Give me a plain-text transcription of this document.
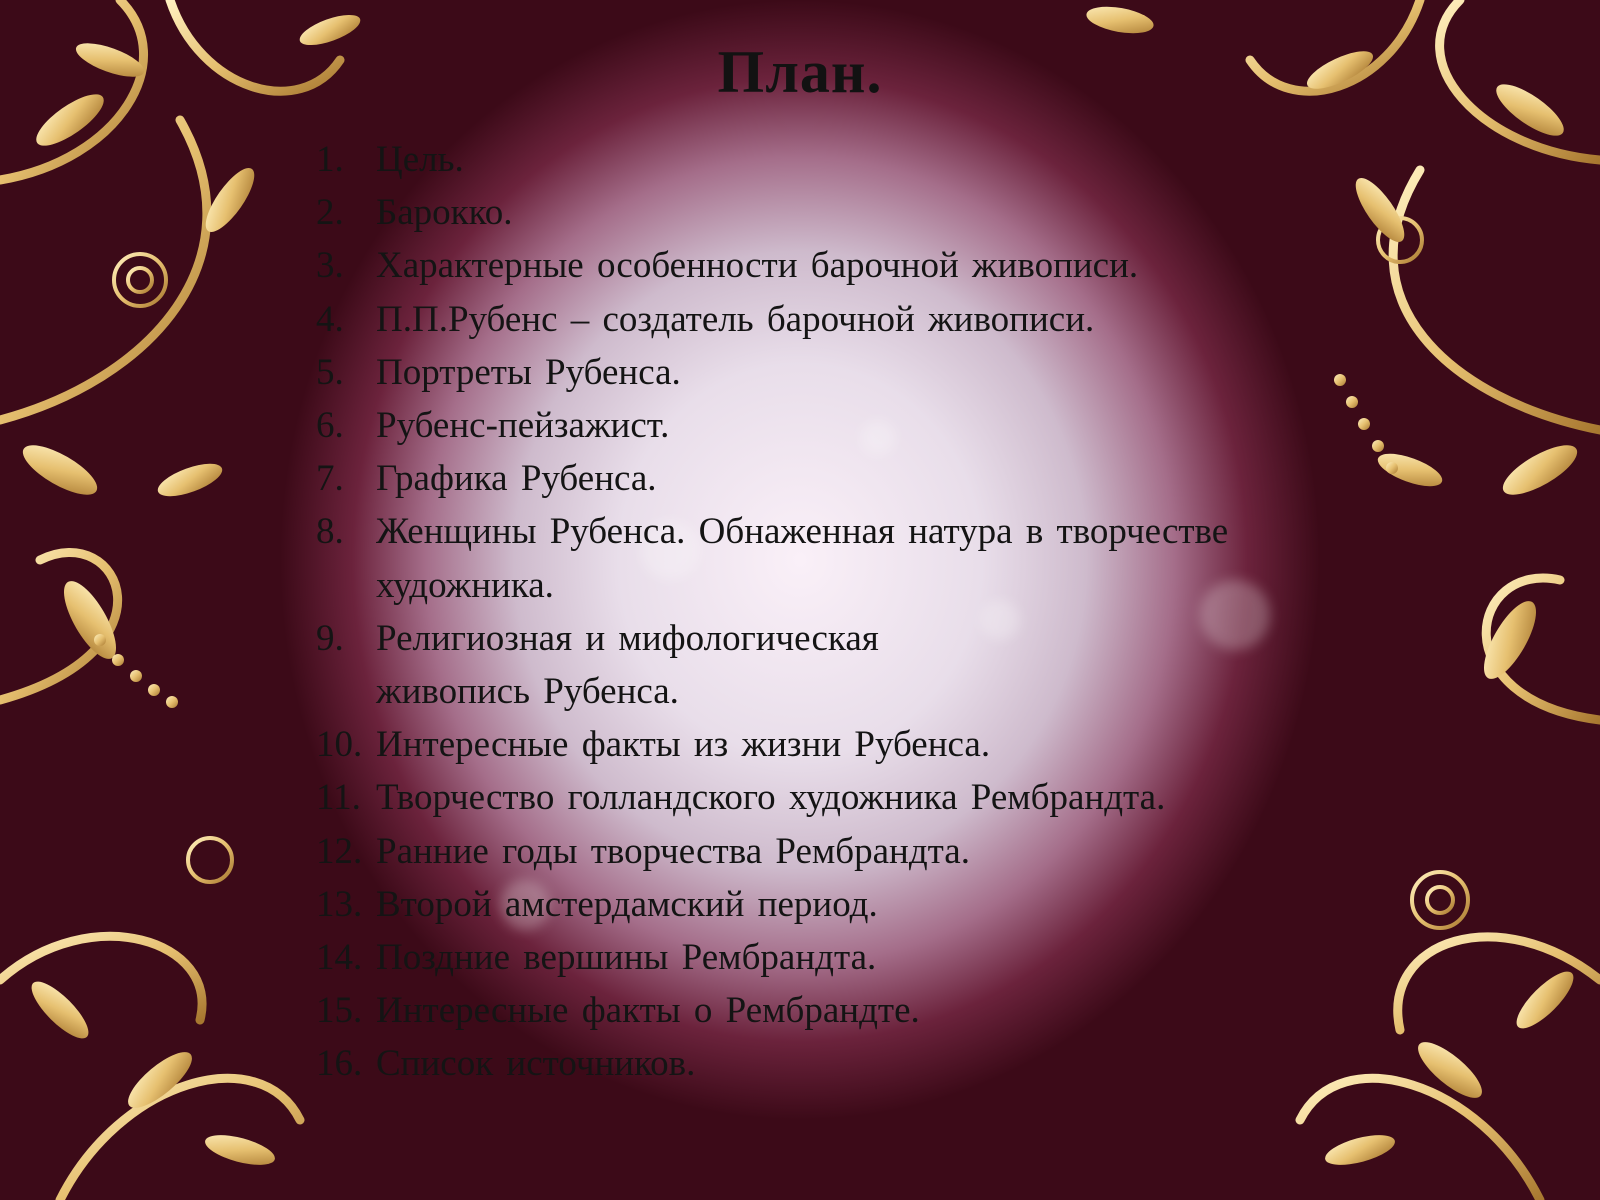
План.
1. Цель.
2. Барокко.
3. Характерные особенности барочной живописи.
4. П.П.Рубенс – создатель барочной живописи.
5. Портреты Рубенса.
6. Рубенс-пейзажист.
7. Графика Рубенса.
8. Женщины Рубенса. Обнаженная натура в творчестве художника.
9. Религиозная и мифологическая живопись Рубенса.
10. Интересные факты из жизни Рубенса.
11. Творчество голландского художника Рембрандта.
12. Ранние годы творчества Рембрандта.
13. Второй амстердамский период.
14. Поздние вершины Рембрандта.
15. Интересные факты о Рембрандте.
16. Список источников.
